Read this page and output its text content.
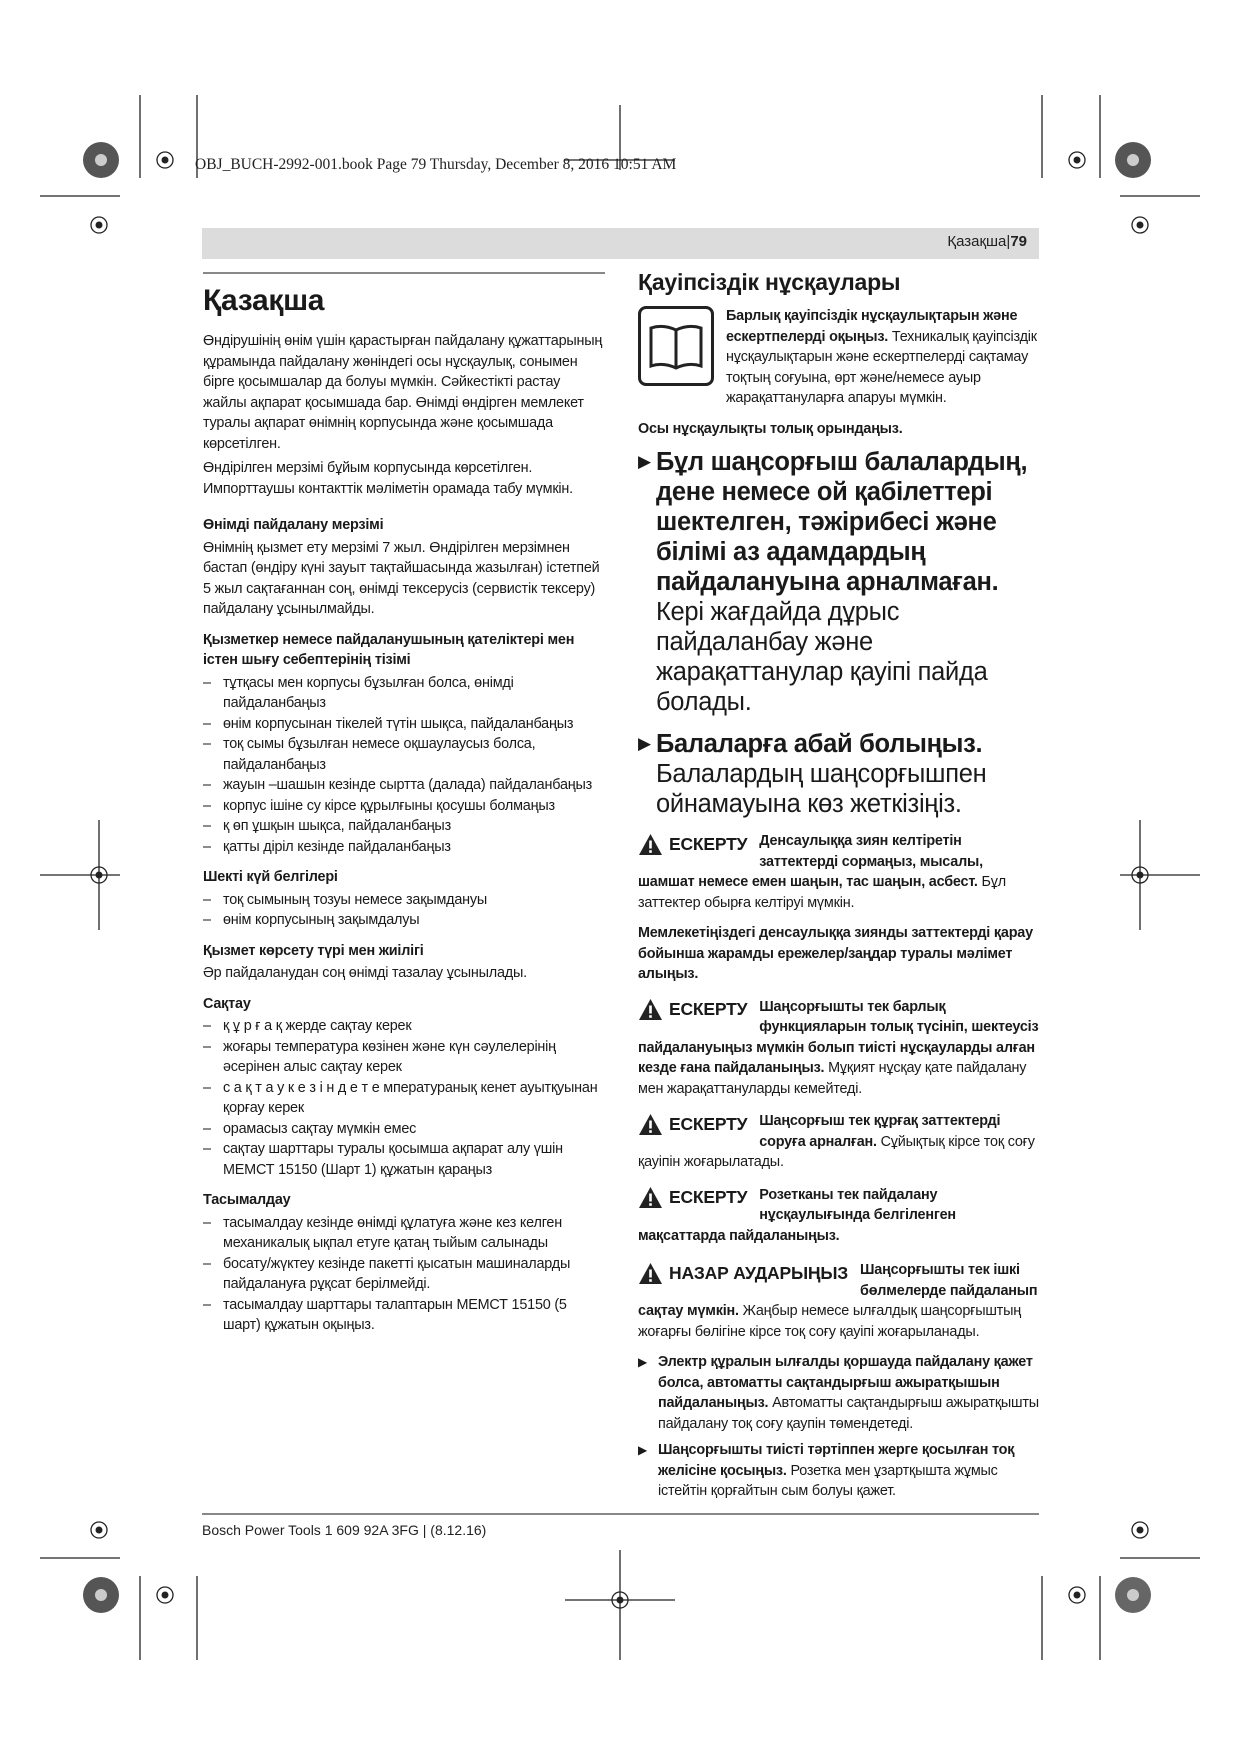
OBJ_BUCH-2992-001.book Page 79 Thursday, December 8, 2016 10:51 AM
Қазақша|79
Қазақша

Өндірушінің өнім үшін қарастырған пайдалану құжаттарының құрамында пайдалану жөніндегі осы нұсқаулық, сонымен бірге қосымшалар да болуы мүмкін. Сәйкестікті растау жайлы ақпарат қосымшада бар. Өнімді өндірген мемлекет туралы ақпарат өнімнің корпусында және қосымшада көрсетілген.

Өндірілген мерзімі бұйым корпусында көрсетілген. Импорттаушы контакттік мәліметін орамада табу мүмкін.

Өнімді пайдалану мерзімі

Өнімнің қызмет ету мерзімі 7 жыл. Өндірілген мерзімнен бастап (өндіру күні зауыт тақтайшасында жазылған) істетпей 5 жыл сақтағаннан соң, өнімді тексерусіз (сервистік тексеру) пайдалану ұсынылмайды.

Қызметкер немесе пайдаланушының қателіктері мен істен шығу себептерінің тізімі
– тұтқасы мен корпусы бұзылған болса, өнімді пайдаланбаңыз
– өнім корпусынан тікелей түтін шықса, пайдаланбаңыз
– тоқ сымы бұзылған немесе оқшаулаусыз болса, пайдаланбаңыз
– жауын –шашын кезінде сыртта (далада) пайдаланбаңыз
– корпус ішіне су кірсе құрылғыны қосушы болмаңыз
– қ өп ұшқын шықса, пайдаланбаңыз
– қатты діріл кезінде пайдаланбаңыз
Шекті күй белгілері
– тоқ сымының тозуы немесе зақымдануы
– өнім корпусының зақымдалуы
Қызмет көрсету түрі мен жиілігі

Әр пайдаланудан соң өнімді тазалау ұсынылады.

Сақтау
– қ ұ р ғ а қ жерде сақтау керек
– жоғары температура көзінен және күн сәулелерінің әсерінен алыс сақтау керек
– с а қ т а у к е з і н д е т е мпературанық кенет ауытқуынан қорғау керек
– орамасыз сақтау мүмкін емес
– сақтау шарттары туралы қосымша ақпарат алу үшін МЕМСТ 15150 (Шарт 1) құжатын қараңыз
Тасымалдау
– тасымалдау кезінде өнімді құлатуға және кез келген механикалық ықпал етуге қатаң тыйым салынады
– босату/жүктеу кезінде пакетті қысатын машиналарды пайдалануға рұқсат берілмейді.
– тасымалдау шарттары талаптарын МЕМСТ 15150 (5 шарт) құжатын оқыңыз.
Қауіпсіздік нұсқаулары

Барлық қауіпсіздік нұсқаулықтарын және ескертпелерді оқыңыз. Техникалық қауіпсіздік нұсқаулықтарын және ескертпелерді сақтамау тоқтың соғуына, өрт және/немесе ауыр жарақаттануларға апаруы мүмкін.

Осы нұсқаулықты толық орындаңыз.
▶ Бұл шаңсорғыш балалардың, дене немесе ой қабілеттері шектелген, тәжірибесі және білімі аз адамдардың пайдалануына арналмаған. Кері жағдайда дұрыс пайдаланбау және жарақаттанулар қауіпі пайда болады.
▶ Балаларға абай болыңыз. Балалардың шаңсорғышпен ойнамауына көз жеткізіңіз.
ЕСКЕРТУ Денсаулыққа зиян келтіретін заттектерді сормаңыз, мысалы, шамшат немесе емен шаңын, тас шаңын, асбест. Бұл заттектер обырға келтіруі мүмкін.
Мемлекетіңіздегі денсаулыққа зиянды заттектерді қарау бойынша жарамды ережелер/заңдар туралы мәлімет алыңыз.
ЕСКЕРТУ Шаңсорғышты тек барлық функцияларын толық түсініп, шектеусіз пайдалануыңыз мүмкін болып тиісті нұсқауларды алған кезде ғана пайдаланыңыз. Мұқият нұсқау қате пайдалану мен жарақаттануларды кемейтеді.
ЕСКЕРТУ Шаңсорғыш тек құрғақ заттектерді соруға арналған. Сұйықтық кірсе тоқ соғу қауіпін жоғарылатады.
ЕСКЕРТУ Розетканы тек пайдалану нұсқаулығында белгіленген мақсаттарда пайдаланыңыз.
НАЗАР АУДАРЫҢЫЗ Шаңсорғышты тек ішкі бөлмелерде пайдаланып сақтау мүмкін. Жаңбыр немесе ылғалдық шаңсорғыштың жоғарғы бөлігіне кірсе тоқ соғу қауіпі жоғарыланады.
▶ Электр құралын ылғалды қоршауда пайдалану қажет болса, автоматты сақтандырғыш ажыратқышын пайдаланыңыз. Автоматты сақтандырғыш ажыратқышты пайдалану тоқ соғу қаупін төмендетеді.
▶ Шаңсорғышты тиісті тәртіппен жерге қосылған тоқ желісіне қосыңыз. Розетка мен ұзартқышта жұмыс істейтін қорғайтын сым болуы қажет.
Bosch Power Tools 1 609 92A 3FG | (8.12.16)
